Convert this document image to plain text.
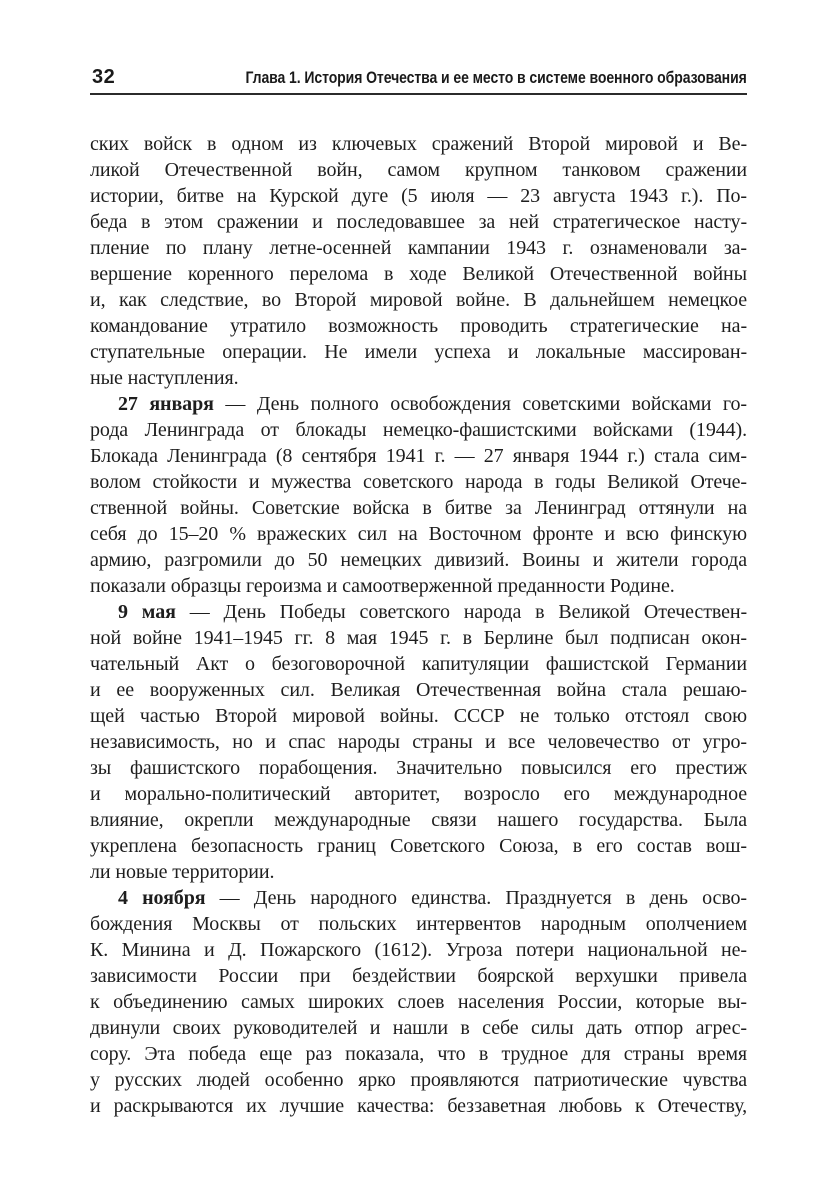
32	Глава 1. История Отечества и ее место в системе военного образования
ских войск в одном из ключевых сражений Второй мировой и Ве-
ликой Отечественной войн, самом крупном танковом сражении
истории, битве на Курской дуге (5 июля — 23 августа 1943 г.). По-
беда в этом сражении и последовавшее за ней стратегическое насту-
пление по плану летне-осенней кампании 1943 г. ознаменовали за-
вершение коренного перелома в ходе Великой Отечественной войны
и, как следствие, во Второй мировой войне. В дальнейшем немецкое
командование утратило возможность проводить стратегические на-
ступательные операции. Не имели успеха и локальные массирован-
ные наступления.
27 января — День полного освобождения советскими войсками го-
рода Ленинграда от блокады немецко-фашистскими войсками (1944).
Блокада Ленинграда (8 сентября 1941 г. — 27 января 1944 г.) стала сим-
волом стойкости и мужества советского народа в годы Великой Отече-
ственной войны. Советские войска в битве за Ленинград оттянули на
себя до 15–20 % вражеских сил на Восточном фронте и всю финскую
армию, разгромили до 50 немецких дивизий. Воины и жители города
показали образцы героизма и самоотверженной преданности Родине.
9 мая — День Победы советского народа в Великой Отечествен-
ной войне 1941–1945 гг. 8 мая 1945 г. в Берлине был подписан окон-
чательный Акт о безоговорочной капитуляции фашистской Германии
и ее вооруженных сил. Великая Отечественная война стала решаю-
щей частью Второй мировой войны. СССР не только отстоял свою
независимость, но и спас народы страны и все человечество от угро-
зы фашистского порабощения. Значительно повысился его престиж
и морально-политический авторитет, возросло его международное
влияние, окрепли международные связи нашего государства. Была
укреплена безопасность границ Советского Союза, в его состав вош-
ли новые территории.
4 ноября — День народного единства. Празднуется в день осво-
бождения Москвы от польских интервентов народным ополчением
К. Минина и Д. Пожарского (1612). Угроза потери национальной не-
зависимости России при бездействии боярской верхушки привела
к объединению самых широких слоев населения России, которые вы-
двинули своих руководителей и нашли в себе силы дать отпор агрес-
сору. Эта победа еще раз показала, что в трудное для страны время
у русских людей особенно ярко проявляются патриотические чувства
и раскрываются их лучшие качества: беззаветная любовь к Отечеству,
